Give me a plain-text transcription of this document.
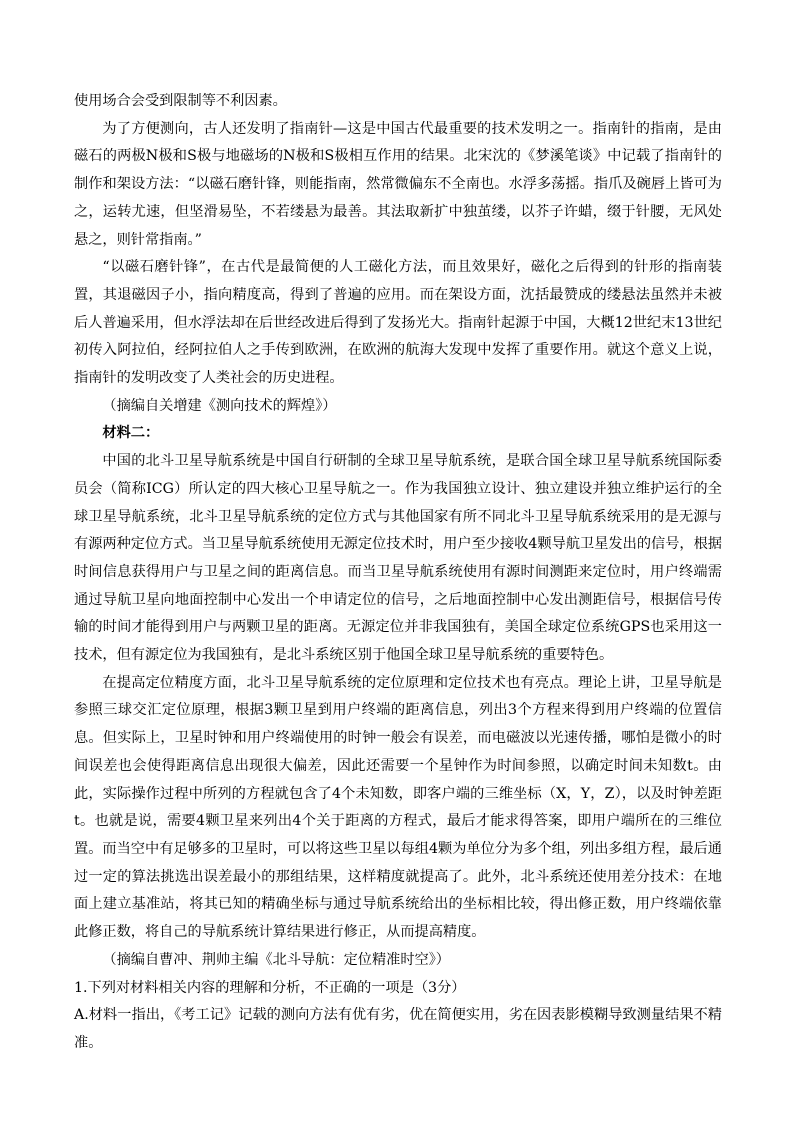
使用场合会受到限制等不利因素。

为了方便测向，古人还发明了指南针—这是中国古代最重要的技术发明之一。指南针的指南，是由磁石的两极N极和S极与地磁场的N极和S极相互作用的结果。北宋沈的《梦溪笔谈》中记载了指南针的制作和架设方法：“以磁石磨针锋，则能指南，然常微偏东不全南也。水浮多荡摇。指爪及碗唇上皆可为之，运转尤速，但坚滑易坠，不若缕悬为最善。其法取新扩中独茧缕，以芥子许蜡，缀于针腰，无风处悬之，则针常指南。”

“以磁石磨针锋”，在古代是最简便的人工磁化方法，而且效果好，磁化之后得到的针形的指南装置，其退磁因子小，指向精度高，得到了普遍的应用。而在架设方面，沈括最赞成的缕悬法虽然并未被后人普遍采用，但水浮法却在后世经改进后得到了发扬光大。指南针起源于中国，大概12世纪末13世纪初传入阿拉伯，经阿拉伯人之手传到欧洲，在欧洲的航海大发现中发挥了重要作用。就这个意义上说，指南针的发明改变了人类社会的历史进程。

（摘编自关增建《测向技术的辉煌》）

材料二：

中国的北斗卫星导航系统是中国自行研制的全球卫星导航系统，是联合国全球卫星导航系统国际委员会（简称ICG）所认定的四大核心卫星导航之一。作为我国独立设计、独立建设并独立维护运行的全球卫星导航系统，北斗卫星导航系统的定位方式与其他国家有所不同北斗卫星导航系统采用的是无源与有源两种定位方式。当卫星导航系统使用无源定位技术时，用户至少接收4颗导航卫星发出的信号，根据时间信息获得用户与卫星之间的距离信息。而当卫星导航系统使用有源时间测距来定位时，用户终端需通过导航卫星向地面控制中心发出一个申请定位的信号，之后地面控制中心发出测距信号，根据信号传输的时间才能得到用户与两颗卫星的距离。无源定位并非我国独有，美国全球定位系统GPS也采用这一技术，但有源定位为我国独有，是北斗系统区别于他国全球卫星导航系统的重要特色。

在提高定位精度方面，北斗卫星导航系统的定位原理和定位技术也有亮点。理论上讲，卫星导航是参照三球交汇定位原理，根据3颗卫星到用户终端的距离信息，列出3个方程来得到用户终端的位置信息。但实际上，卫星时钟和用户终端使用的时钟一般会有误差，而电磁波以光速传播，哪怕是微小的时间误差也会使得距离信息出现很大偏差，因此还需要一个星钟作为时间参照，以确定时间未知数t。由此，实际操作过程中所列的方程就包含了4个未知数，即客户端的三维坐标（X，Y，Z），以及时钟差距t。也就是说，需要4颗卫星来列出4个关于距离的方程式，最后才能求得答案，即用户端所在的三维位置。而当空中有足够多的卫星时，可以将这些卫星以每组4颗为单位分为多个组，列出多组方程，最后通过一定的算法挑选出误差最小的那组结果，这样精度就提高了。此外，北斗系统还使用差分技术：在地面上建立基准站，将其已知的精确坐标与通过导航系统给出的坐标相比较，得出修正数，用户终端依靠此修正数，将自己的导航系统计算结果进行修正，从而提高精度。

（摘编自曹冲、荆帅主编《北斗导航：定位精准时空》）

1.下列对材料相关内容的理解和分析，不正确的一项是（3分）

A.材料一指出，《考工记》记载的测向方法有优有劣，优在简便实用，劣在因表影模糊导致测量结果不精准。
